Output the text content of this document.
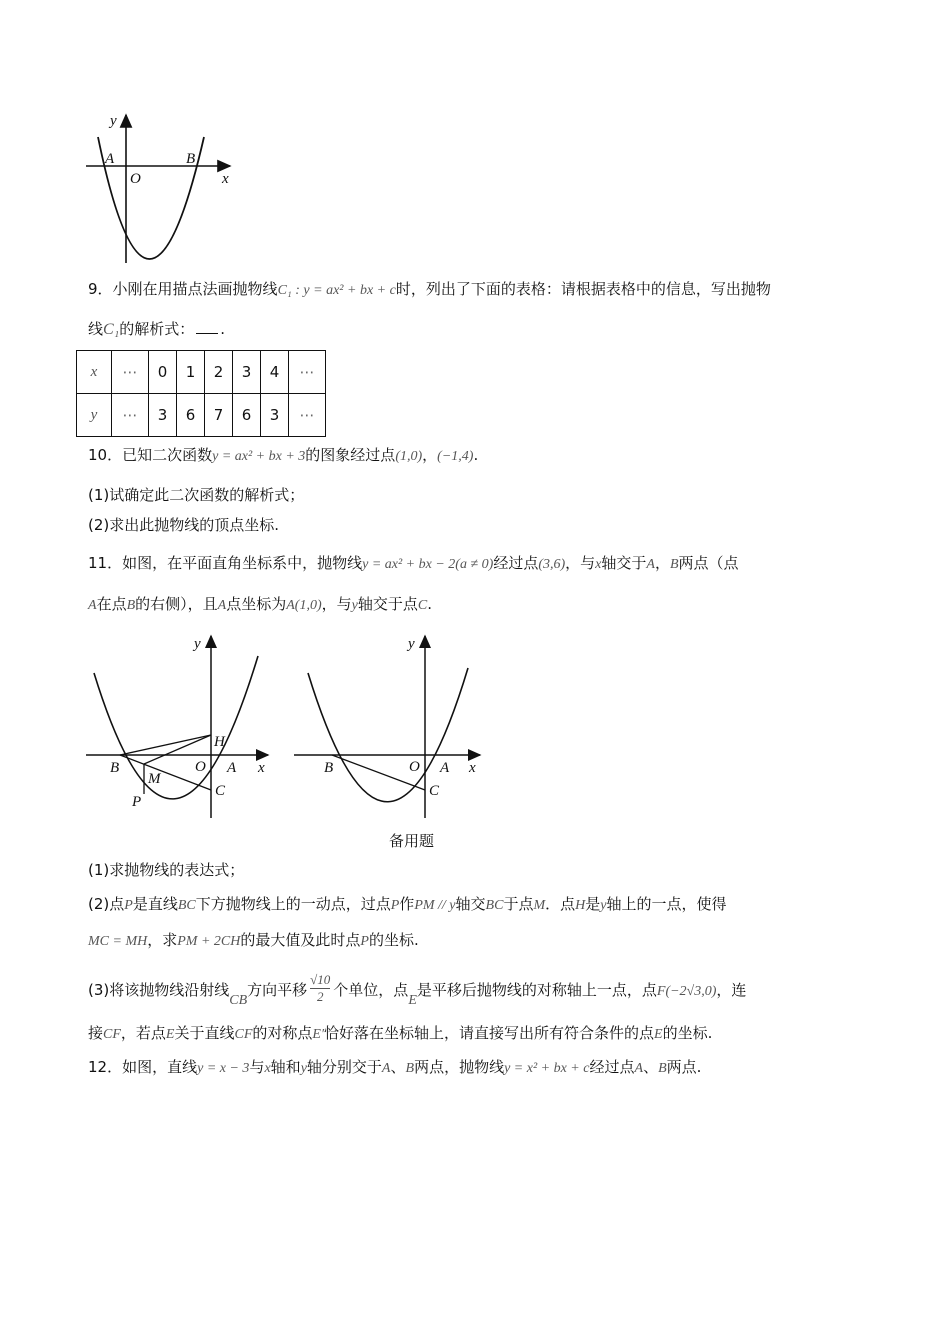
y
x
A	B
O
9．小刚在用描点法画抛物线C₁ : y = ax² + bx + c时，列出了下面的表格：请根据表格中的信息，写出抛物
线C₁的解析式： .
x	⋯	0	1	2	3	4	⋯
y	⋯	3	6	7	6	3	⋯
10．已知二次函数y = ax² + bx + 3的图象经过点(1,0)，(−1,4).
(1)试确定此二次函数的解析式；
(2)求出此抛物线的顶点坐标.
11．如图，在平面直角坐标系中，抛物线y = ax² + bx − 2(a ≠ 0)经过点(3,6)，与x轴交于A，B两点（点
A在点B的右侧），且A点坐标为A(1,0)，与y轴交于点C.
y
x
H
B	O A
M
P
C
y
x
B	O A
C
备用题
(1)求抛物线的表达式；
(2)点P是直线BC下方抛物线上的一动点，过点P作PM // y轴交BC于点M．点H是y轴上的一点，使得
MC = MH，求PM + 2CH的最大值及此时点P的坐标.
(3)将该抛物线沿射线CB方向平移 $\frac{√10}{2}$ 个单位，点E是平移后抛物线的对称轴上一点，点F(−2√3,0)，连
接CF，若点E关于直线CF的对称点E′恰好落在坐标轴上，请直接写出所有符合条件的点E的坐标.
12．如图，直线y = x − 3与x轴和y轴分别交于A、B两点，抛物线y = x² + bx + c经过点A、B两点.
